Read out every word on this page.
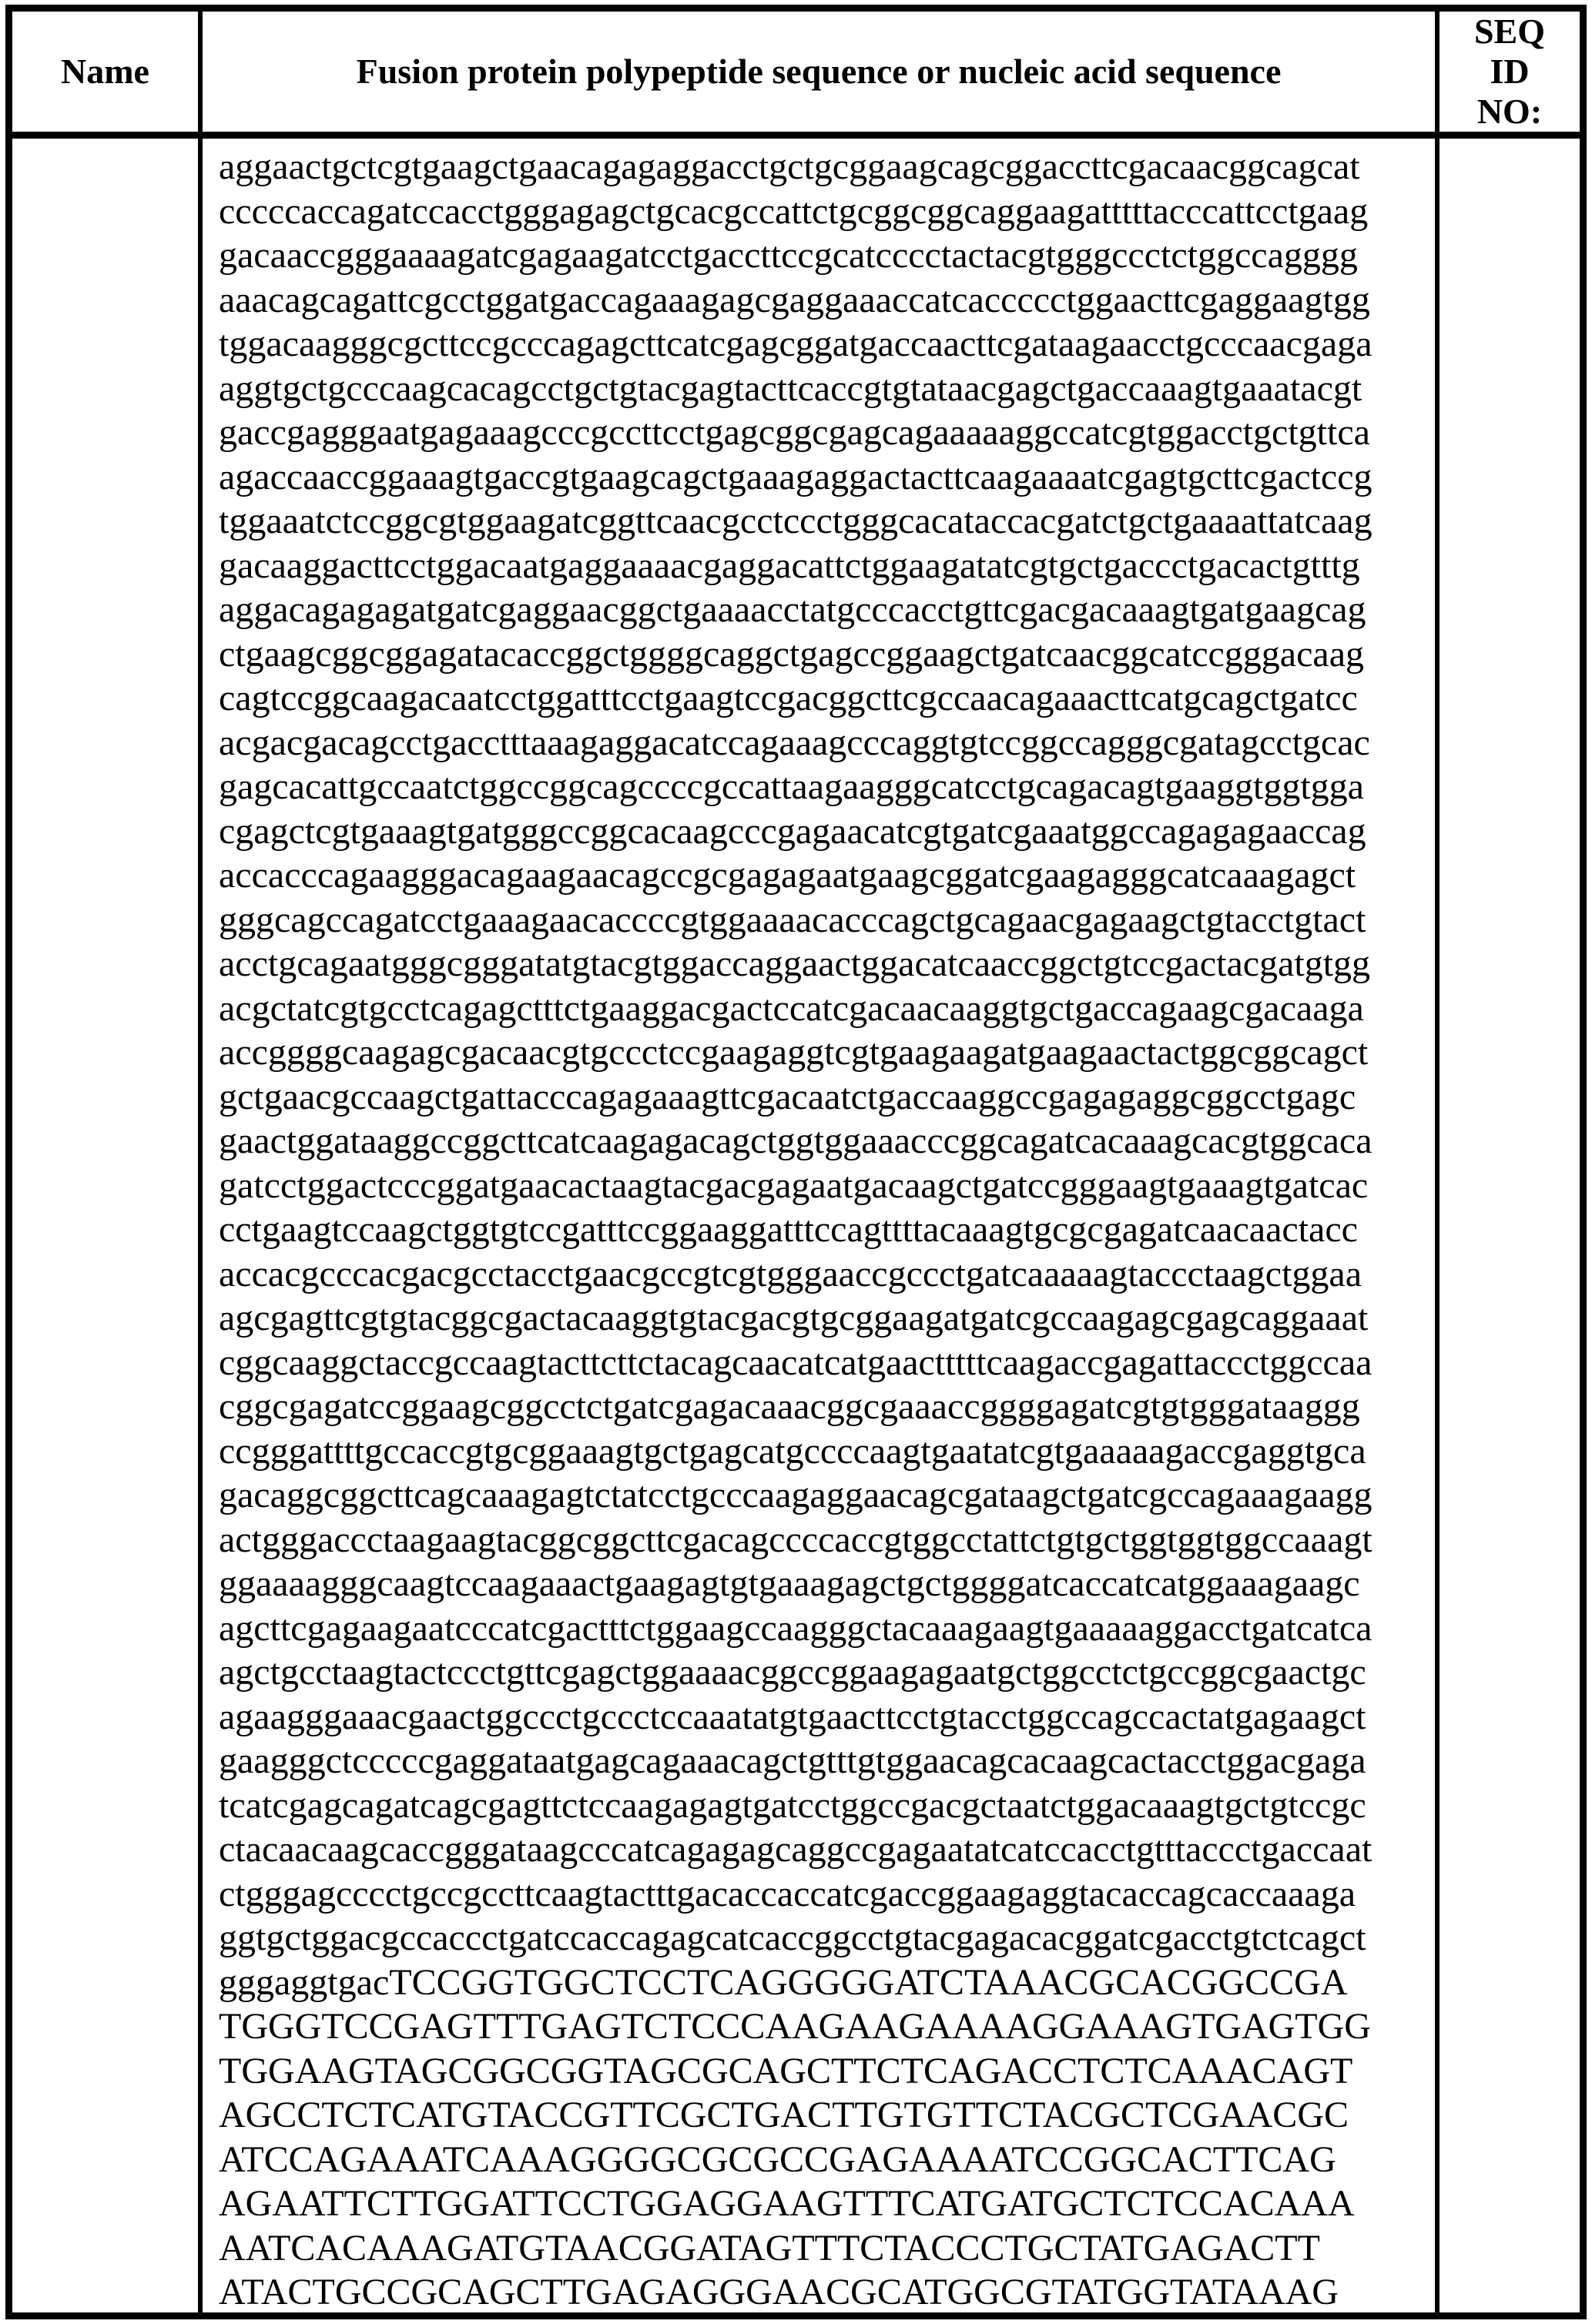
Name	Fusion protein polypeptide sequence or nucleic acid sequence
SEQ
ID
NO:
aggaactgctcgtgaagctgaacagagaggacctgctgcggaagcagcggaccttcgacaacggcagcat
cccccaccagatccacctgggagagctgcacgccattctgcggcggcaggaagatttttacccattcctgaag
gacaaccgggaaaagatcgagaagatcctgaccttccgcatcccctactacgtgggccctctggccagggg
aaacagcagattcgcctggatgaccagaaagagcgaggaaaccatcaccccctggaacttcgaggaagtgg
tggacaagggcgcttccgcccagagcttcatcgagcggatgaccaacttcgataagaacctgcccaacgaga
aggtgctgcccaagcacagcctgctgtacgagtacttcaccgtgtataacgagctgaccaaagtgaaatacgt
gaccgagggaatgagaaagcccgccttcctgagcggcgagcagaaaaaggccatcgtggacctgctgttca
agaccaaccggaaagtgaccgtgaagcagctgaaagaggactacttcaagaaaatcgagtgcttcgactccg
tggaaatctccggcgtggaagatcggttcaacgcctccctgggcacataccacgatctgctgaaaattatcaag
gacaaggacttcctggacaatgaggaaaacgaggacattctggaagatatcgtgctgaccctgacactgtttg
aggacagagagatgatcgaggaacggctgaaaacctatgcccacctgttcgacgacaaagtgatgaagcag
ctgaagcggcggagatacaccggctggggcaggctgagccggaagctgatcaacggcatccgggacaag
cagtccggcaagacaatcctggatttcctgaagtccgacggcttcgccaacagaaacttcatgcagctgatcc
acgacgacagcctgacctttaaagaggacatccagaaagcccaggtgtccggccagggcgatagcctgcac
gagcacattgccaatctggccggcagccccgccattaagaagggcatcctgcagacagtgaaggtggtgga
cgagctcgtgaaagtgatgggccggcacaagcccgagaacatcgtgatcgaaatggccagagagaaccag
accacccagaagggacagaagaacagccgcgagagaatgaagcggatcgaagagggcatcaaagagct
gggcagccagatcctgaaagaacaccccgtggaaaacacccagctgcagaacgagaagctgtacctgtact
acctgcagaatgggcgggatatgtacgtggaccaggaactggacatcaaccggctgtccgactacgatgtgg
acgctatcgtgcctcagagctttctgaaggacgactccatcgacaacaaggtgctgaccagaagcgacaaga
accggggcaagagcgacaacgtgccctccgaagaggtcgtgaagaagatgaagaactactggcggcagct
gctgaacgccaagctgattacccagagaaagttcgacaatctgaccaaggccgagagaggcggcctgagc
gaactggataaggccggcttcatcaagagacagctggtggaaacccggcagatcacaaagcacgtggcaca
gatcctggactcccggatgaacactaagtacgacgagaatgacaagctgatccgggaagtgaaagtgatcac
cctgaagtccaagctggtgtccgatttccggaaggatttccagttttacaaagtgcgcgagatcaacaactacc
accacgcccacgacgcctacctgaacgccgtcgtgggaaccgccctgatcaaaaagtaccctaagctggaa
agcgagttcgtgtacggcgactacaaggtgtacgacgtgcggaagatgatcgccaagagcgagcaggaaat
cggcaaggctaccgccaagtacttcttctacagcaacatcatgaactttttcaagaccgagattaccctggccaa
cggcgagatccggaagcggcctctgatcgagacaaacggcgaaaccggggagatcgtgtgggataaggg
ccgggattttgccaccgtgcggaaagtgctgagcatgccccaagtgaatatcgtgaaaaagaccgaggtgca
gacaggcggcttcagcaaagagtctatcctgcccaagaggaacagcgataagctgatcgccagaaagaagg
actgggaccctaagaagtacggcggcttcgacagccccaccgtggcctattctgtgctggtggtggccaaagt
ggaaaagggcaagtccaagaaactgaagagtgtgaaagagctgctggggatcaccatcatggaaagaagc
agcttcgagaagaatcccatcgactttctggaagccaagggctacaaagaagtgaaaaaggacctgatcatca
agctgcctaagtactccctgttcgagctggaaaacggccggaagagaatgctggcctctgccggcgaactgc
agaagggaaacgaactggccctgccctccaaatatgtgaacttcctgtacctggccagccactatgagaagct
gaagggctcccccgaggataatgagcagaaacagctgtttgtggaacagcacaagcactacctggacgaga
tcatcgagcagatcagcgagttctccaagagagtgatcctggccgacgctaatctggacaaagtgctgtccgc
ctacaacaagcaccgggataagcccatcagagagcaggccgagaatatcatccacctgtttaccctgaccaat
ctgggagcccctgccgccttcaagtactttgacaccaccatcgaccggaagaggtacaccagcaccaaaga
ggtgctggacgccaccctgatccaccagagcatcaccggcctgtacgagacacggatcgacctgtctcagct
gggaggtgacTCCGGTGGCTCCTCAGGGGGATCTAAACGCACGGCCGA
TGGGTCCGAGTTTGAGTCTCCCAAGAAGAAAAGGAAAGTGAGTGG
TGGAAGTAGCGGCGGTAGCGCAGCTTCTCAGACCTCTCAAACAGT
AGCCTCTCATGTACCGTTCGCTGACTTGTGTTCTACGCTCGAACGC
ATCCAGAAATCAAAGGGGCGCGCCGAGAAAATCCGGCACTTCAG
AGAATTCTTGGATTCCTGGAGGAAGTTTCATGATGCTCTCCACAAA
AATCACAAAGATGTAACGGATAGTTTCTACCCTGCTATGAGACTT
ATACTGCCGCAGCTTGAGAGGGAACGCATGGCGTATGGTATAAAG
